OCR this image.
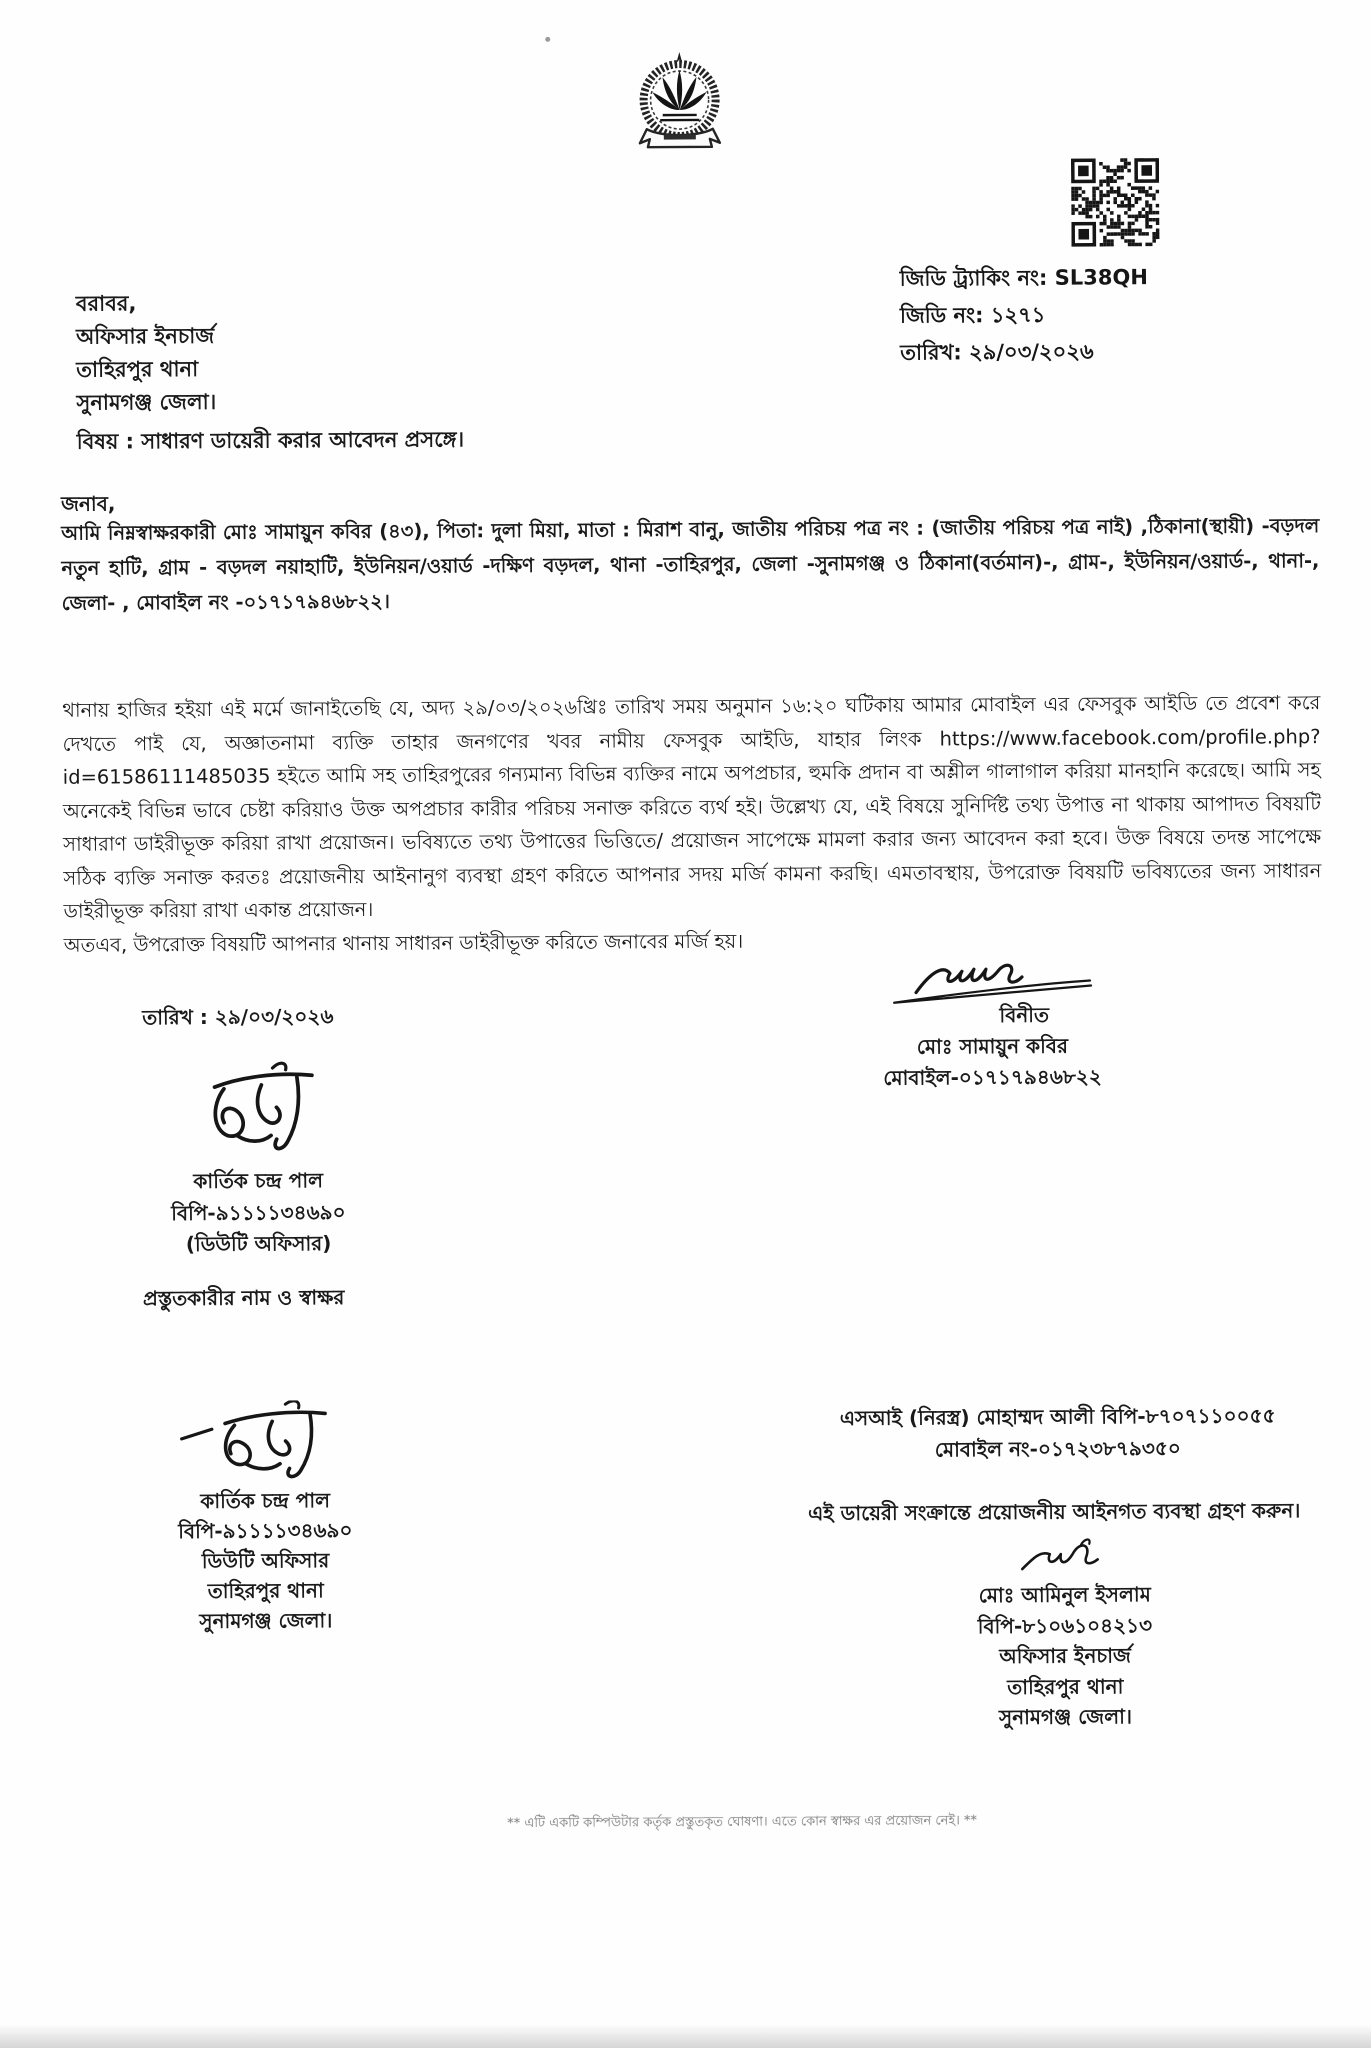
জিডি ট্র্যাকিং নং: SL38QH
জিডি নং: ১২৭১
তারিখ: ২৯/০৩/২০২৬
বরাবর,
অফিসার ইনচার্জ
তাহিরপুর থানা
সুনামগঞ্জ জেলা।
বিষয় : সাধারণ ডায়েরী করার আবেদন প্রসঙ্গে।
জনাব,
আমি নিম্নস্বাক্ষরকারী মোঃ সামায়ুন কবির (৪৩), পিতা: দুলা মিয়া, মাতা : মিরাশ বানু, জাতীয় পরিচয় পত্র নং : (জাতীয় পরিচয় পত্র নাই) ,ঠিকানা(স্থায়ী) -বড়দল নতুন হাটি, গ্রাম - বড়দল নয়াহাটি, ইউনিয়ন/ওয়ার্ড -দক্ষিণ বড়দল, থানা -তাহিরপুর, জেলা -সুনামগঞ্জ ও ঠিকানা(বর্তমান)-, গ্রাম-, ইউনিয়ন/ওয়ার্ড-, থানা-, জেলা- , মোবাইল নং -০১৭১৭৯৪৬৮২২।
থানায় হাজির হইয়া এই মর্মে জানাইতেছি যে, অদ্য ২৯/০৩/২০২৬খ্রিঃ তারিখ সময় অনুমান ১৬:২০ ঘটিকায় আমার মোবাইল এর ফেসবুক আইডি তে প্রবেশ করে দেখতে পাই যে, অজ্ঞাতনামা ব্যক্তি তাহার জনগণের খবর নামীয় ফেসবুক আইডি, যাহার লিংক https://www.facebook.com/profile.php?id=61586111485035 হইতে আমি সহ তাহিরপুরের গন্যমান্য বিভিন্ন ব্যক্তির নামে অপপ্রচার, হুমকি প্রদান বা অশ্লীল গালাগাল করিয়া মানহানি করেছে। আমি সহ অনেকেই বিভিন্ন ভাবে চেষ্টা করিয়াও উক্ত অপপ্রচার কারীর পরিচয় সনাক্ত করিতে ব্যর্থ হই। উল্লেখ্য যে, এই বিষয়ে সুনির্দিষ্ট তথ্য উপাত্ত না থাকায় আপাদত বিষয়টি সাধারাণ ডাইরীভূক্ত করিয়া রাখা প্রয়োজন। ভবিষ্যতে তথ্য উপাত্তের ভিত্তিতে/ প্রয়োজন সাপেক্ষে মামলা করার জন্য আবেদন করা হবে। উক্ত বিষয়ে তদন্ত সাপেক্ষে সঠিক ব্যক্তি সনাক্ত করতঃ প্রয়োজনীয় আইনানুগ ব্যবস্থা গ্রহণ করিতে আপনার সদয় মর্জি কামনা করছি। এমতাবস্থায়, উপরোক্ত বিষয়টি ভবিষ্যতের জন্য সাধারন ডাইরীভূক্ত করিয়া রাখা একান্ত প্রয়োজন।
অতএব, উপরোক্ত বিষয়টি আপনার থানায় সাধারন ডাইরীভূক্ত করিতে জনাবের মর্জি হয়।
বিনীত
মোঃ সামায়ুন কবির
মোবাইল-০১৭১৭৯৪৬৮২২
তারিখ : ২৯/০৩/২০২৬
কার্তিক চন্দ্র পাল
বিপি-৯১১১১৩৪৬৯০
(ডিউটি অফিসার)
প্রস্তুতকারীর নাম ও স্বাক্ষর
কার্তিক চন্দ্র পাল
বিপি-৯১১১১৩৪৬৯০
ডিউটি অফিসার
তাহিরপুর থানা
সুনামগঞ্জ জেলা।
এসআই (নিরস্ত্র) মোহাম্মদ আলী বিপি-৮৭০৭১১০০৫৫
মোবাইল নং-০১৭২৩৮৭৯৩৫০
এই ডায়েরী সংক্রান্তে প্রয়োজনীয় আইনগত ব্যবস্থা গ্রহণ করুন।
মোঃ আমিনুল ইসলাম
বিপি-৮১০৬১০৪২১৩
অফিসার ইনচার্জ
তাহিরপুর থানা
সুনামগঞ্জ জেলা।
** এটি একটি কম্পিউটার কর্তৃক প্রস্তুতকৃত ঘোষণা। এতে কোন স্বাক্ষর এর প্রয়োজন নেই। **
